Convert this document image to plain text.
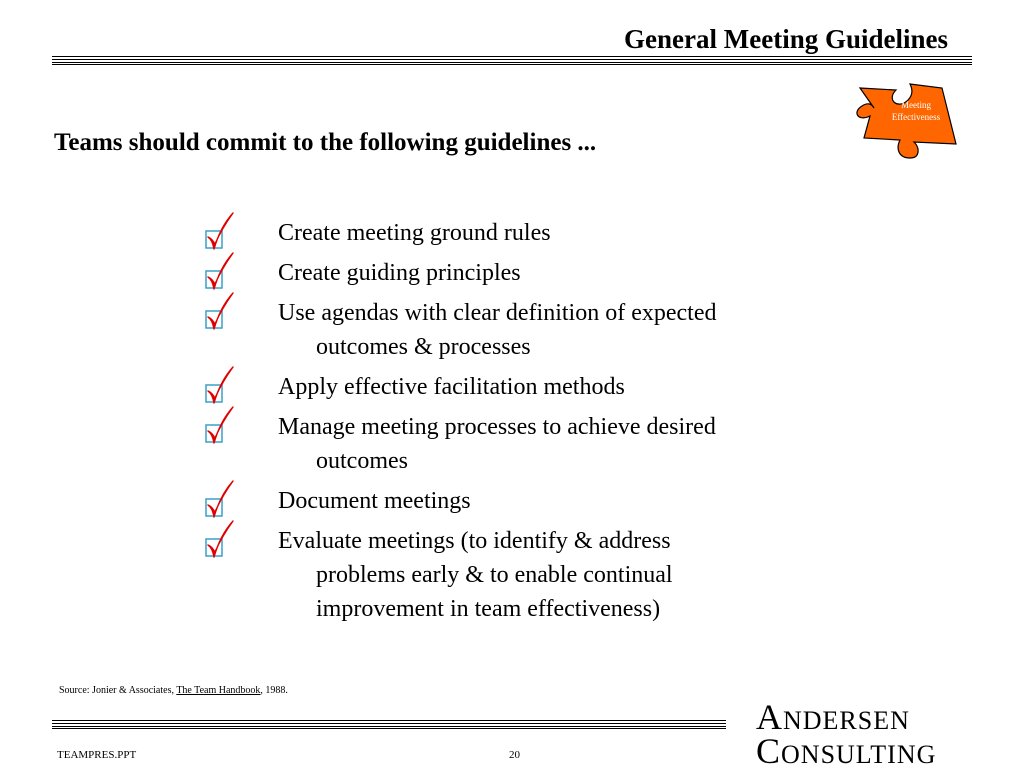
General Meeting Guidelines
Meeting
Effectiveness
Teams should commit to the following guidelines ...
Create meeting ground rules
Create guiding principles
Use agendas with clear definition of expected
outcomes & processes
Apply effective facilitation methods
Manage meeting processes to achieve desired
outcomes
Document meetings
Evaluate meetings (to identify & address
problems early & to enable continual
improvement in team effectiveness)
Source: Jonier & Associates, The Team Handbook, 1988.
TEAMPRES.PPT	20
ANDERSEN
CONSULTING
